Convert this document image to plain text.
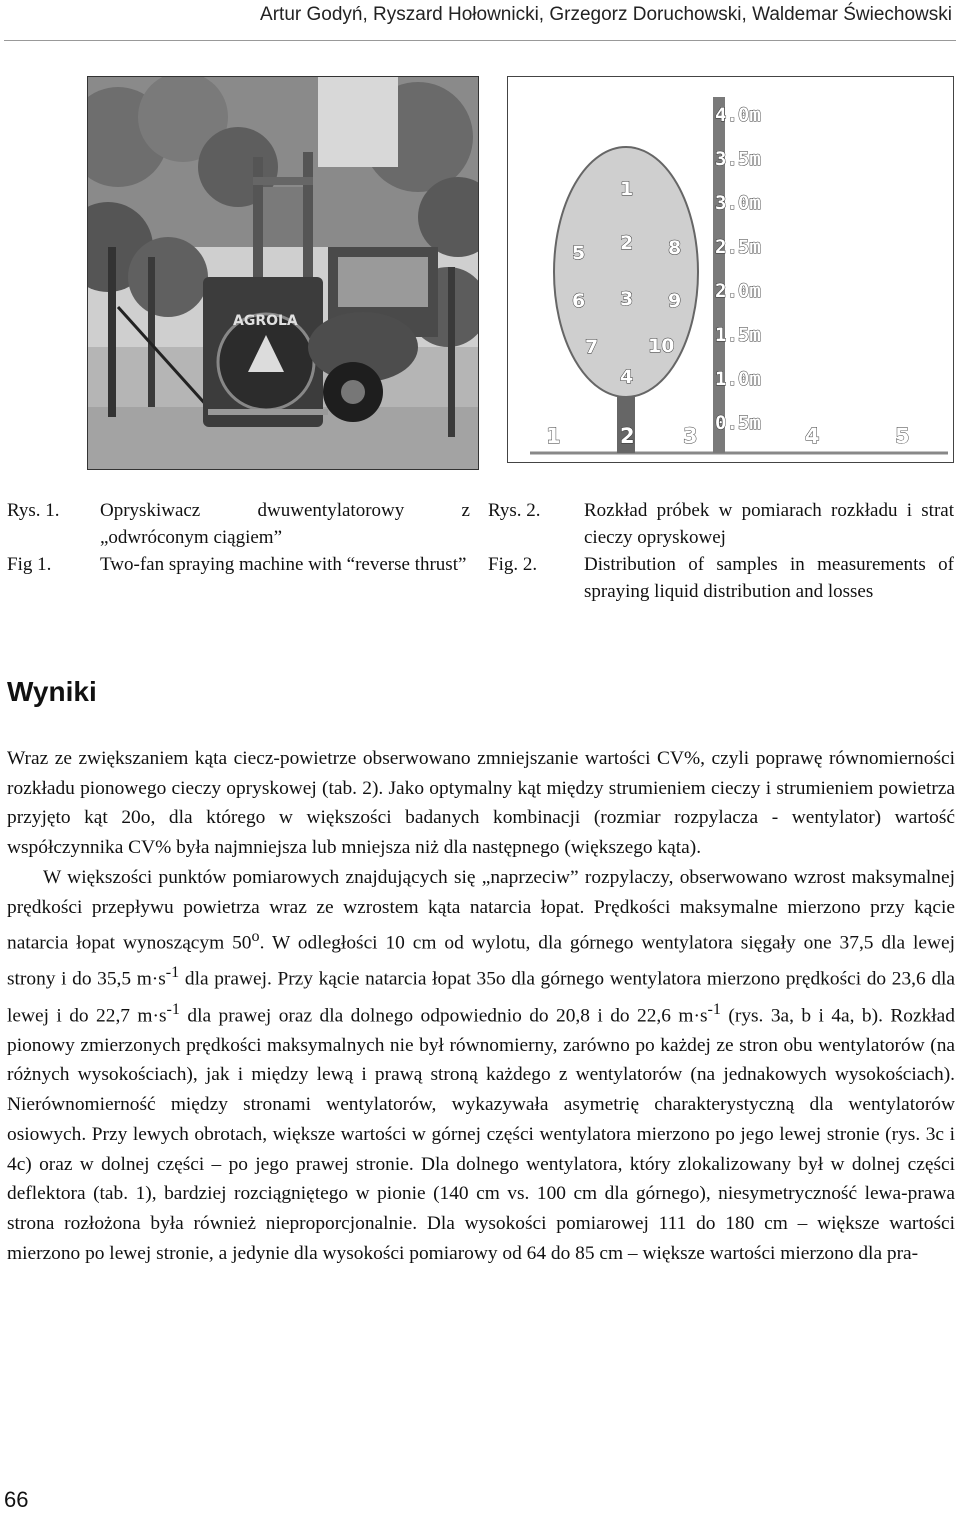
Artur Godyń, Ryszard Hołownicki, Grzegorz Doruchowski, Waldemar Świechowski
AGROLA
1
2
3
4
5
6
7
8
9
10
1	2 3	4	5
4.0m
3.5m
3.0m
2.5m
2.0m
1.5m
1.0m
0.5m
Rys. 1. Opryskiwacz dwuwentylatorowy z „odwróconym ciągiem”
Fig 1.	Two-fan spraying machine with “reverse thrust”
Rys. 2. Rozkład próbek w pomiarach rozkładu i strat cieczy opryskowej
Fig. 2. Distribution of samples in measurements of spraying liquid distribution and losses
Wyniki

Wraz ze zwiększaniem kąta ciecz-powietrze obserwowano zmniejszanie wartości CV%, czyli poprawę równomierności rozkładu pionowego cieczy opryskowej (tab. 2). Jako optymalny kąt między strumieniem cieczy i strumieniem powietrza przyjęto kąt 20o, dla którego w większości badanych kombinacji (rozmiar rozpylacza - wentylator) wartość współczynnika CV% była najmniejsza lub mniejsza niż dla następnego (większego kąta).

W większości punktów pomiarowych znajdujących się „naprzeciw” rozpylaczy, obserwowano wzrost maksymalnej prędkości przepływu powietrza wraz ze wzrostem kąta natarcia łopat. Prędkości maksymalne mierzono przy kącie natarcia łopat wynoszącym 50$^o$. W odległości 10 cm od wylotu, dla górnego wentylatora sięgały one 37,5 dla lewej strony i do 35,5 $m\cdot s^{-1}$ dla prawej. Przy kącie natarcia łopat 35o dla górnego wentylatora mierzono prędkości do 23,6 dla lewej i do 22,7 $m\cdot s^{-1}$ dla prawej oraz dla dolnego odpowiednio do 20,8 i do 22,6 $m\cdot s^{-1}$ (rys. 3a, b i 4a, b). Rozkład pionowy zmierzonych prędkości maksymalnych nie był równomierny, zarówno po każdej ze stron obu wentylatorów (na różnych wysokościach), jak i między lewą i prawą stroną każdego z wentylatorów (na jednakowych wysokościach). Nierównomierność między stronami wentylatorów, wykazywała asymetrię charakterystyczną dla wentylatorów osiowych. Przy lewych obrotach, większe wartości w górnej części wentylatora mierzono po jego lewej stronie (rys. 3c i 4c) oraz w dolnej części – po jego prawej stronie. Dla dolnego wentylatora, który zlokalizowany był w dolnej części deflektora (tab. 1), bardziej rozciągniętego w pionie (140 cm vs. 100 cm dla górnego), niesymetryczność lewa-prawa strona rozłożona była również nieproporcjonalnie. Dla wysokości pomiarowej 111 do 180 cm – większe wartości mierzono po lewej stronie, a jedynie dla wysokości pomiarowy od 64 do 85 cm – większe wartości mierzono dla pra-

66
